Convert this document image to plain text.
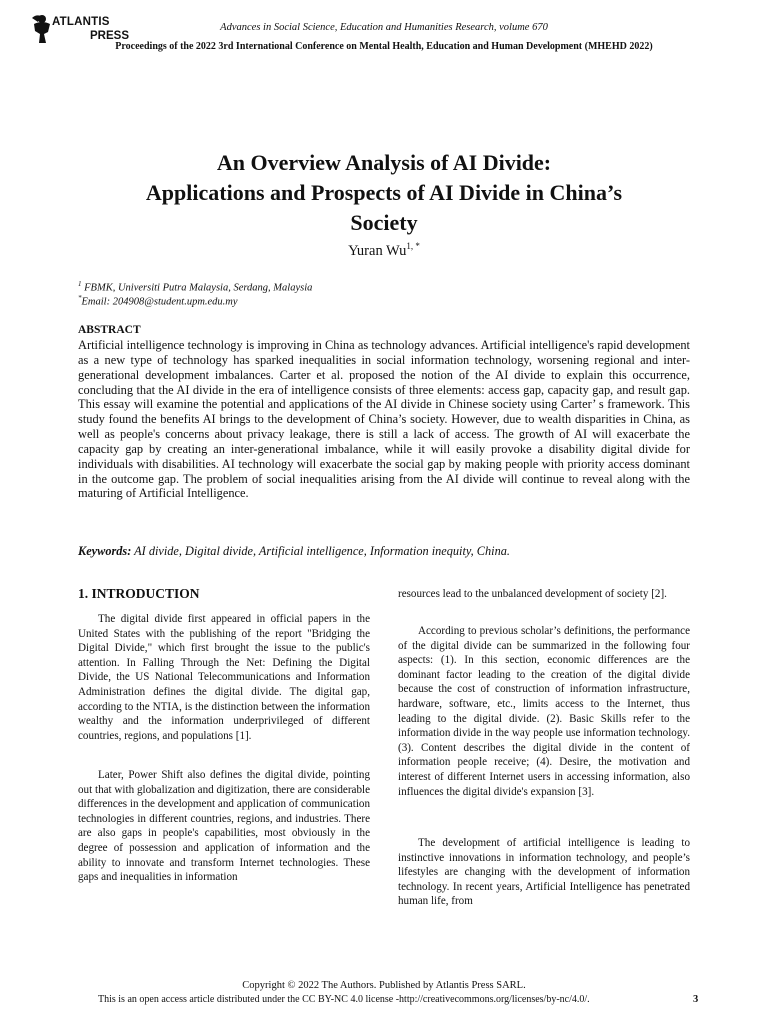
ATLANTIS
PRESS
Advances in Social Science, Education and Humanities Research, volume 670
Proceedings of the 2022 3rd International Conference on Mental Health, Education and Human Development (MHEHD 2022)
An Overview Analysis of AI Divide:
Applications and Prospects of AI Divide in China’s
Society
Yuran $Wu^{1, *}$
$^1$ FBMK, Universiti Putra Malaysia, Serdang, Malaysia
*Email: 204908@student.upm.edu.my
ABSTRACT

Artificial intelligence technology is improving in China as technology advances. Artificial intelligence's rapid development as a new type of technology has sparked inequalities in social information technology, worsening regional and inter-generational development imbalances. Carter et al. proposed the notion of the AI divide to explain this occurrence, concluding that the AI divide in the era of intelligence consists of three elements: access gap, capacity gap, and result gap. This essay will examine the potential and applications of the AI divide in Chinese society using Carter’ s framework. This study found the benefits AI brings to the development of China’s society. However, due to wealth disparities in China, as well as people's concerns about privacy leakage, there is still a lack of access. The growth of AI will exacerbate the capacity gap by creating an inter-generational imbalance, while it will easily provoke a disability digital divide for individuals with disabilities. AI technology will exacerbate the social gap by making people with priority access dominant in the outcome gap. The problem of social inequalities arising from the AI divide will continue to reveal along with the maturing of Artificial Intelligence.

Keywords: AI divide, Digital divide, Artificial intelligence, Information inequity, China.
1. INTRODUCTION

The digital divide first appeared in official papers in the United States with the publishing of the report "Bridging the Digital Divide," which first brought the issue to the public's attention. In Falling Through the Net: Defining the Digital Divide, the US National Telecommunications and Information Administration defines the digital divide. The digital gap, according to the NTIA, is the distinction between the information wealthy and the information underprivileged of different countries, regions, and populations [1].

Later, Power Shift also defines the digital divide, pointing out that with globalization and digitization, there are considerable differences in the development and application of communication technologies in different countries, regions, and industries. There are also gaps in people's capabilities, most obviously in the degree of possession and application of information and the ability to innovate and transform Internet technologies. These gaps and inequalities in information

resources lead to the unbalanced development of society [2].

According to previous scholar’s definitions, the performance of the digital divide can be summarized in the following four aspects: (1). In this section, economic differences are the dominant factor leading to the creation of the digital divide because the cost of construction of information infrastructure, hardware, software, etc., limits access to the Internet, thus leading to the digital divide. (2). Basic Skills refer to the information divide in the way people use information technology. (3). Content describes the digital divide in the content of information people receive; (4). Desire, the motivation and interest of different Internet users in accessing information, also influences the digital divide's expansion [3].

The development of artificial intelligence is leading to instinctive innovations in information technology, and people’s lifestyles are changing with the development of information technology. In recent years, Artificial Intelligence has penetrated human life, from

Copyright © 2022 The Authors. Published by Atlantis Press SARL.
This is an open access article distributed under the CC BY-NC 4.0 license -http://creativecommons.org/licenses/by-nc/4.0/.	3
